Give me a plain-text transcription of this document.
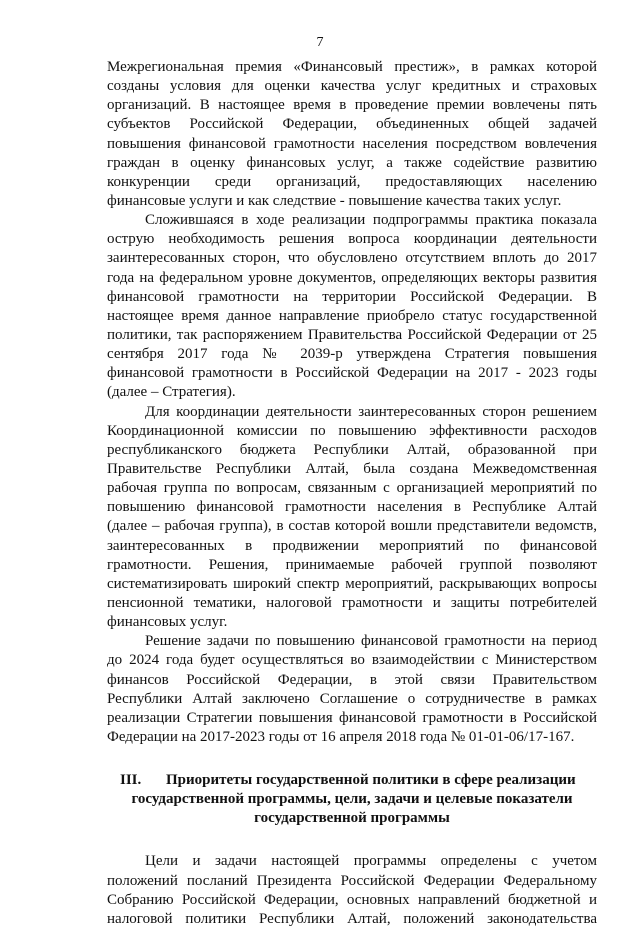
7
Межрегиональная премия «Финансовый престиж», в рамках которой
созданы условия для оценки качества услуг кредитных и страховых
организаций. В настоящее время в проведение премии вовлечены пять
субъектов Российской Федерации, объединенных общей задачей
повышения финансовой грамотности населения посредством вовлечения
граждан в оценку финансовых услуг, а также содействие развитию
конкуренции среди организаций, предоставляющих населению
финансовые услуги и как следствие - повышение качества таких услуг.
Сложившаяся в ходе реализации подпрограммы практика показала
острую необходимость решения вопроса координации деятельности
заинтересованных сторон, что обусловлено отсутствием вплоть до 2017
года на федеральном уровне документов, определяющих векторы развития
финансовой грамотности на территории Российской Федерации. В
настоящее время данное направление приобрело статус государственной
политики, так распоряжением Правительства Российской Федерации от 25
сентября 2017 года № 2039-р утверждена Стратегия повышения
финансовой грамотности в Российской Федерации на 2017 - 2023 годы
(далее – Стратегия).
Для координации деятельности заинтересованных сторон решением
Координационной комиссии по повышению эффективности расходов
республиканского бюджета Республики Алтай, образованной при
Правительстве Республики Алтай, была создана Межведомственная
рабочая группа по вопросам, связанным с организацией мероприятий по
повышению финансовой грамотности населения в Республике Алтай
(далее – рабочая группа), в состав которой вошли представители ведомств,
заинтересованных в продвижении мероприятий по финансовой
грамотности. Решения, принимаемые рабочей группой позволяют
систематизировать широкий спектр мероприятий, раскрывающих вопросы
пенсионной тематики, налоговой грамотности и защиты потребителей
финансовых услуг.
Решение задачи по повышению финансовой грамотности на период
до 2024 года будет осуществляться во взаимодействии с Министерством
финансов Российской Федерации, в этой связи Правительством
Республики Алтай заключено Соглашение о сотрудничестве в рамках
реализации Стратегии повышения финансовой грамотности в Российской
Федерации на 2017-2023 годы от 16 апреля 2018 года № 01-01-06/17-167.
III. Приоритеты государственной политики в сфере реализации
государственной программы, цели, задачи и целевые показатели
государственной программы
Цели и задачи настоящей программы определены с учетом
положений посланий Президента Российской Федерации Федеральному
Собранию Российской Федерации, основных направлений бюджетной и
налоговой политики Республики Алтай, положений законодательства
